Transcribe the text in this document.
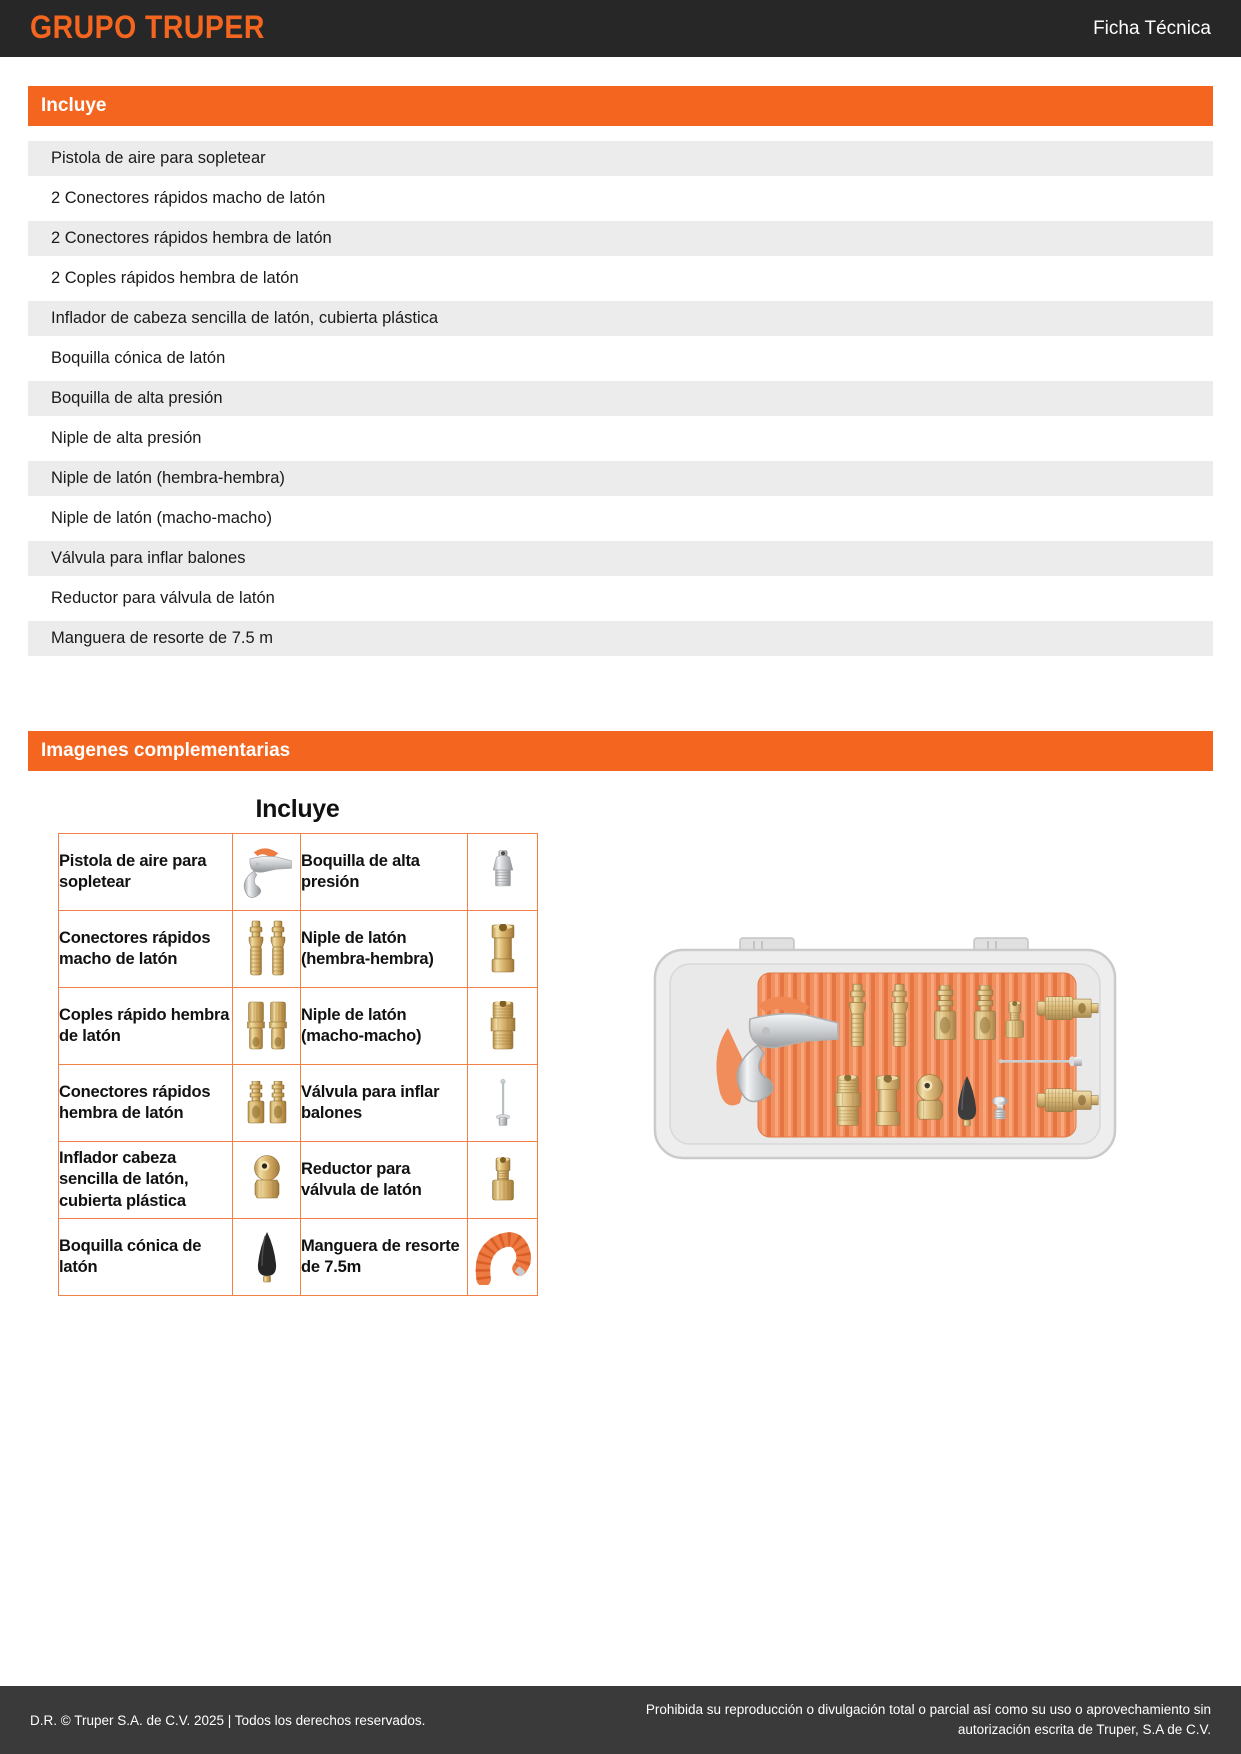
GRUPO TRUPER	Ficha Técnica
Incluye
Pistola de aire para sopletear
2 Conectores rápidos macho de latón
2 Conectores rápidos hembra de latón
2 Coples rápidos hembra de latón
Inflador de cabeza sencilla de latón, cubierta plástica
Boquilla cónica de latón
Boquilla de alta presión
Niple de alta presión
Niple de latón (hembra-hembra)
Niple de latón (macho-macho)
Válvula para inflar balones
Reductor para válvula de latón
Manguera de resorte de 7.5 m
Imagenes complementarias
Incluye
Pistola de aire para sopletear		Boquilla de alta presión	

Conectores rápidos macho de latón		Niple de latón (hembra-hembra)	

Coples rápido hembra de latón		Niple de latón (macho-macho)	

Conectores rápidos hembra de latón		Válvula para inflar balones	

Inflador cabeza sencilla de latón, cubierta plástica		Reductor para válvula de latón	

Boquilla cónica de latón		Manguera de resorte de 7.5m	
D.R. © Truper S.A. de C.V. 2025 | Todos los derechos reservados.
Prohibida su reproducción o divulgación total o parcial así como su uso o aprovechamiento sin autorización escrita de Truper, S.A de C.V.
